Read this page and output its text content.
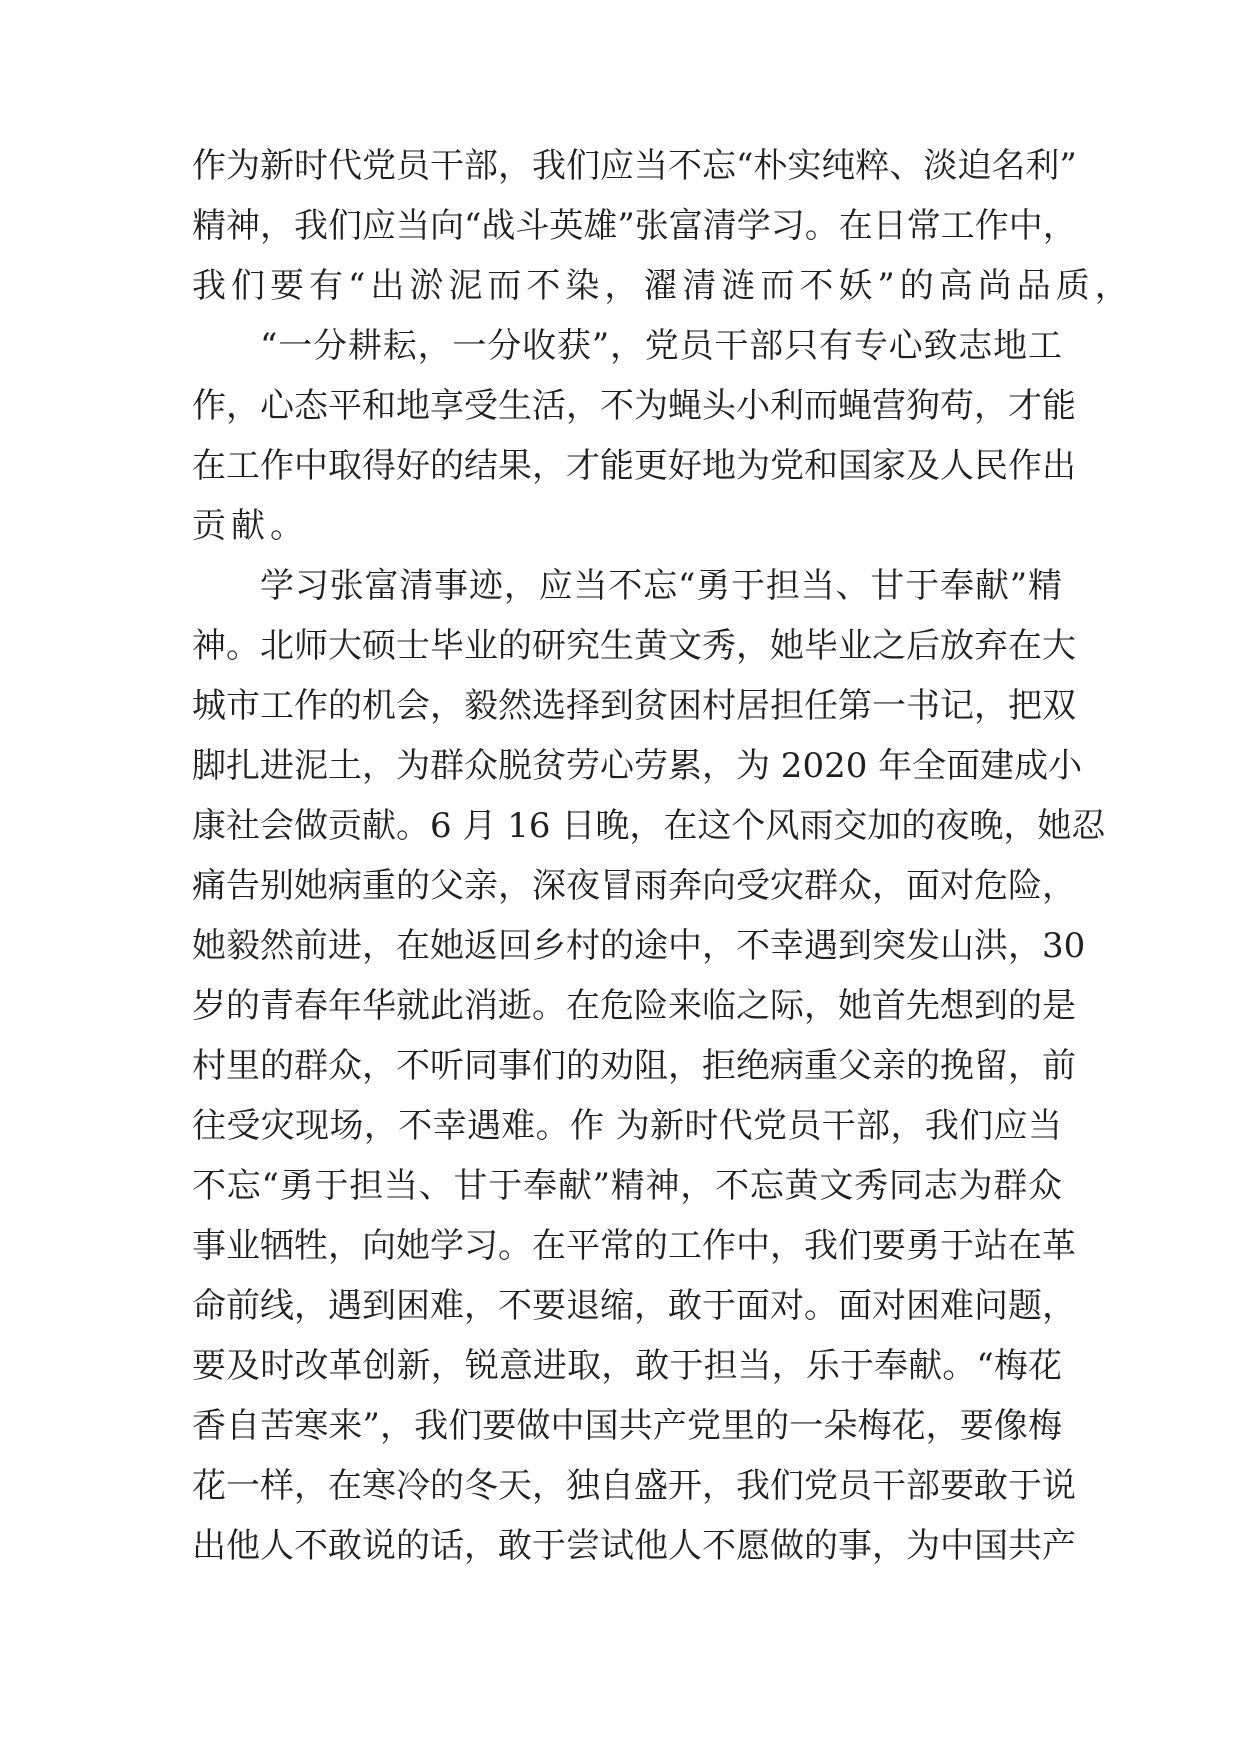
作为新时代党员干部，我们应当不忘“朴实纯粹、淡迫名利”
精神，我们应当向“战斗英雄”张富清学习。在日常工作中，
我们要有“出淤泥而不染，濯清涟而不妖”的高尚品质，
“一分耕耘，一分收获”，党员干部只有专心致志地工
作，心态平和地享受生活，不为蝇头小利而蝇营狗苟，才能
在工作中取得好的结果，才能更好地为党和国家及人民作出
贡献。
学习张富清事迹，应当不忘“勇于担当、甘于奉献”精
神。北师大硕士毕业的研究生黄文秀，她毕业之后放弃在大
城市工作的机会，毅然选择到贫困村居担任第一书记，把双
脚扎进泥土，为群众脱贫劳心劳累，为 2020 年全面建成小
康社会做贡献。6 月 16 日晚，在这个风雨交加的夜晚，她忍
痛告别她病重的父亲，深夜冒雨奔向受灾群众，面对危险，
她毅然前进，在她返回乡村的途中，不幸遇到突发山洪，30
岁的青春年华就此消逝。在危险来临之际，她首先想到的是
村里的群众，不听同事们的劝阻，拒绝病重父亲的挽留，前
往受灾现场，不幸遇难。作 为新时代党员干部，我们应当
不忘“勇于担当、甘于奉献”精神，不忘黄文秀同志为群众
事业牺牲，向她学习。在平常的工作中，我们要勇于站在革
命前线，遇到困难，不要退缩，敢于面对。面对困难问题，
要及时改革创新，锐意进取，敢于担当，乐于奉献。“梅花
香自苦寒来”，我们要做中国共产党里的一朵梅花，要像梅
花一样，在寒冷的冬天，独自盛开，我们党员干部要敢于说
出他人不敢说的话，敢于尝试他人不愿做的事，为中国共产
